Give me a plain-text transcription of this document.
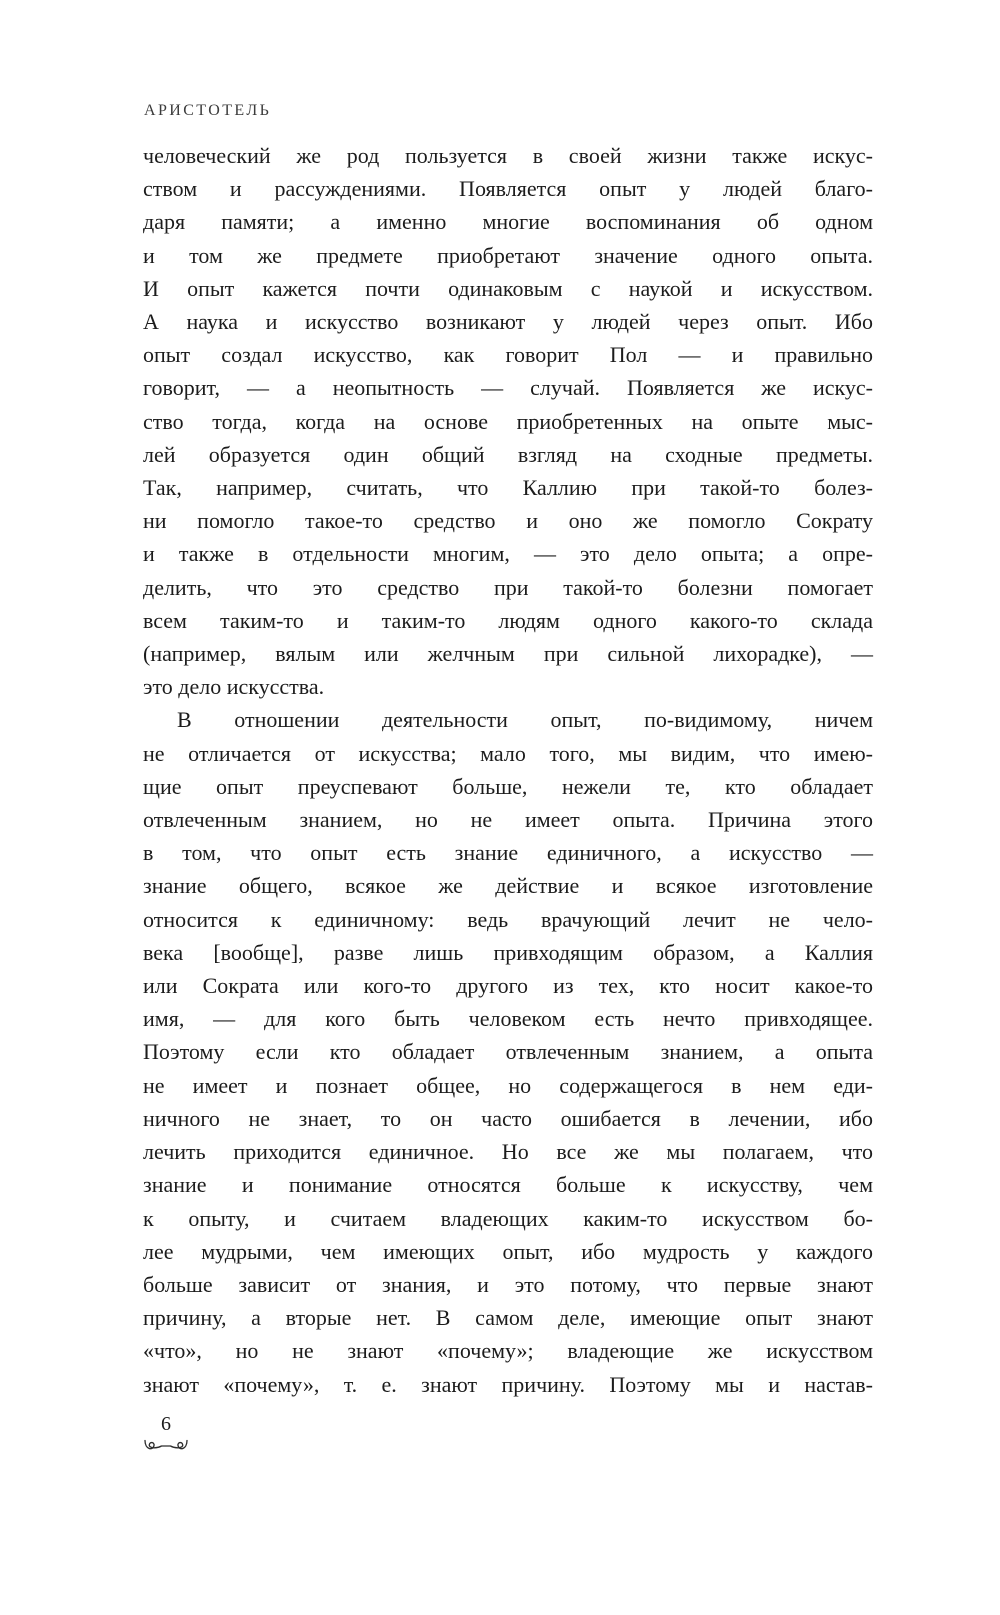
АРИСТОТЕЛЬ
человеческий же род пользуется в своей жизни также искус-
ством и рассуждениями. Появляется опыт у людей благо-
даря памяти; а именно многие воспоминания об одном
и том же предмете приобретают значение одного опыта.
И опыт кажется почти одинаковым с наукой и искусством.
А наука и искусство возникают у людей через опыт. Ибо
опыт создал искусство, как говорит Пол — и правильно
говорит, — а неопытность — случай. Появляется же искус-
ство тогда, когда на основе приобретенных на опыте мыс-
лей образуется один общий взгляд на сходные предметы.
Так, например, считать, что Каллию при такой-то болез-
ни помогло такое-то средство и оно же помогло Сократу
и также в отдельности многим, — это дело опыта; а опре-
делить, что это средство при такой-то болезни помогает
всем таким-то и таким-то людям одного какого-то склада
(например, вялым или желчным при сильной лихорадке), —
это дело искусства.
В отношении деятельности опыт, по-видимому, ничем
не отличается от искусства; мало того, мы видим, что имею-
щие опыт преуспевают больше, нежели те, кто обладает
отвлеченным знанием, но не имеет опыта. Причина этого
в том, что опыт есть знание единичного, а искусство —
знание общего, всякое же действие и всякое изготовление
относится к единичному: ведь врачующий лечит не чело-
века [вообще], разве лишь привходящим образом, а Каллия
или Сократа или кого-то другого из тех, кто носит какое-то
имя, — для кого быть человеком есть нечто привходящее.
Поэтому если кто обладает отвлеченным знанием, а опыта
не имеет и познает общее, но содержащегося в нем еди-
ничного не знает, то он часто ошибается в лечении, ибо
лечить приходится единичное. Но все же мы полагаем, что
знание и понимание относятся больше к искусству, чем
к опыту, и считаем владеющих каким-то искусством бо-
лее мудрыми, чем имеющих опыт, ибо мудрость у каждого
больше зависит от знания, и это потому, что первые знают
причину, а вторые нет. В самом деле, имеющие опыт знают
«что», но не знают «почему»; владеющие же искусством
знают «почему», т. е. знают причину. Поэтому мы и настав-
6
